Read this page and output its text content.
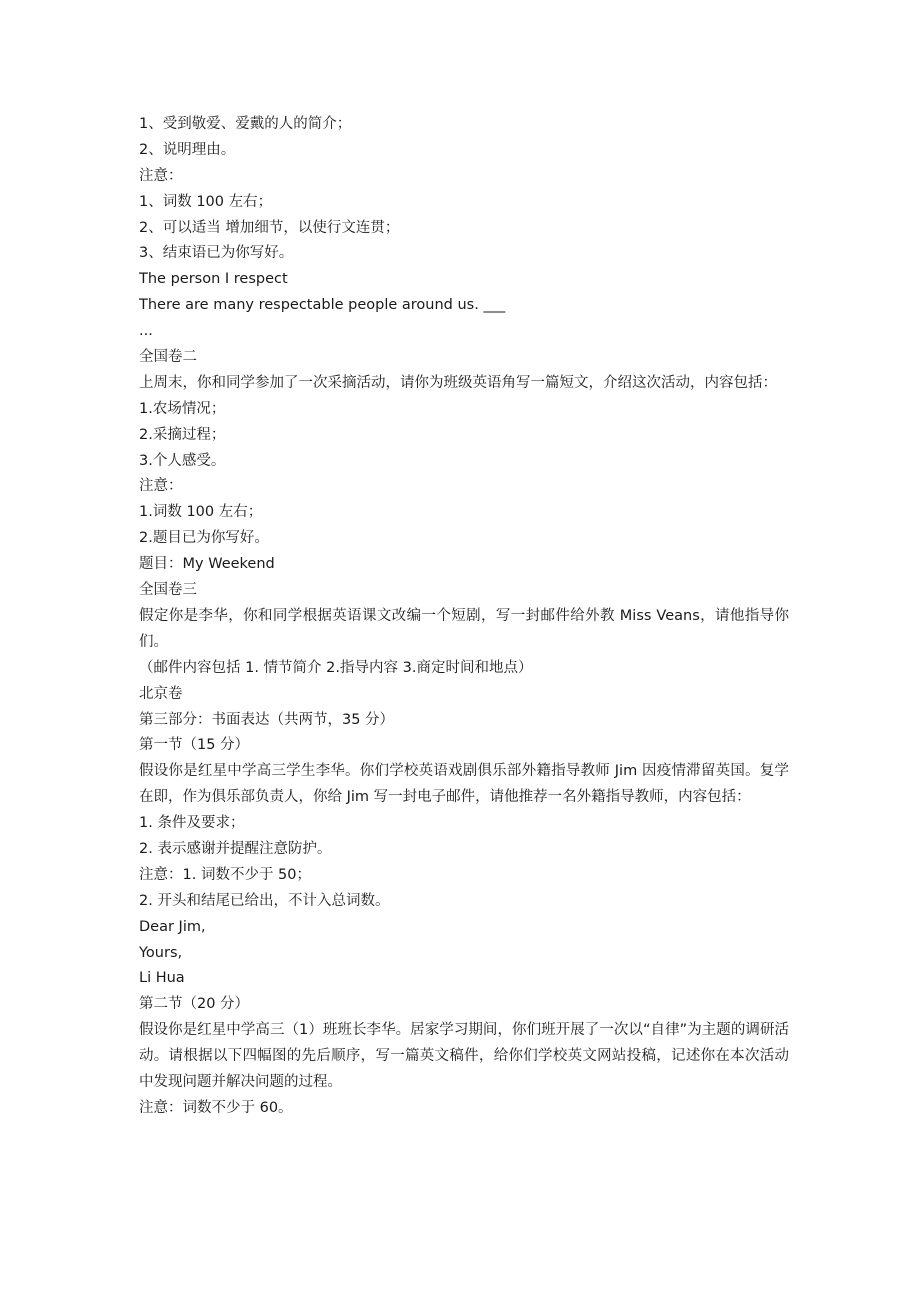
1、受到敬爱、爱戴的人的简介；
2、说明理由。
注意：
1、词数 100 左右；
2、可以适当 增加细节，以使行文连贯；
3、结束语已为你写好。
The person I respect
There are many respectable people around us. ___
...
全国卷二
上周末，你和同学参加了一次采摘活动，请你为班级英语角写一篇短文，介绍这次活动，内容包括：
1.农场情况；
2.采摘过程；
3.个人感受。
注意：
1.词数 100 左右；
2.题目已为你写好。
题目：My Weekend
全国卷三
假定你是李华，你和同学根据英语课文改编一个短剧，写一封邮件给外教 Miss Veans，请他指导你们。
（邮件内容包括 1. 情节简介 2.指导内容 3.商定时间和地点）
北京卷
第三部分：书面表达（共两节，35 分）
第一节（15 分）
假设你是红星中学高三学生李华。你们学校英语戏剧俱乐部外籍指导教师 Jim 因疫情滞留英国。复学在即，作为俱乐部负责人，你给 Jim 写一封电子邮件，请他推荐一名外籍指导教师，内容包括：
1. 条件及要求；
2. 表示感谢并提醒注意防护。
注意：1. 词数不少于 50；
2. 开头和结尾已给出，不计入总词数。
Dear Jim,
Yours,
Li Hua
第二节（20 分）
假设你是红星中学高三（1）班班长李华。居家学习期间，你们班开展了一次以“自律”为主题的调研活动。请根据以下四幅图的先后顺序，写一篇英文稿件，给你们学校英文网站投稿，记述你在本次活动中发现问题并解决问题的过程。
注意：词数不少于 60。
